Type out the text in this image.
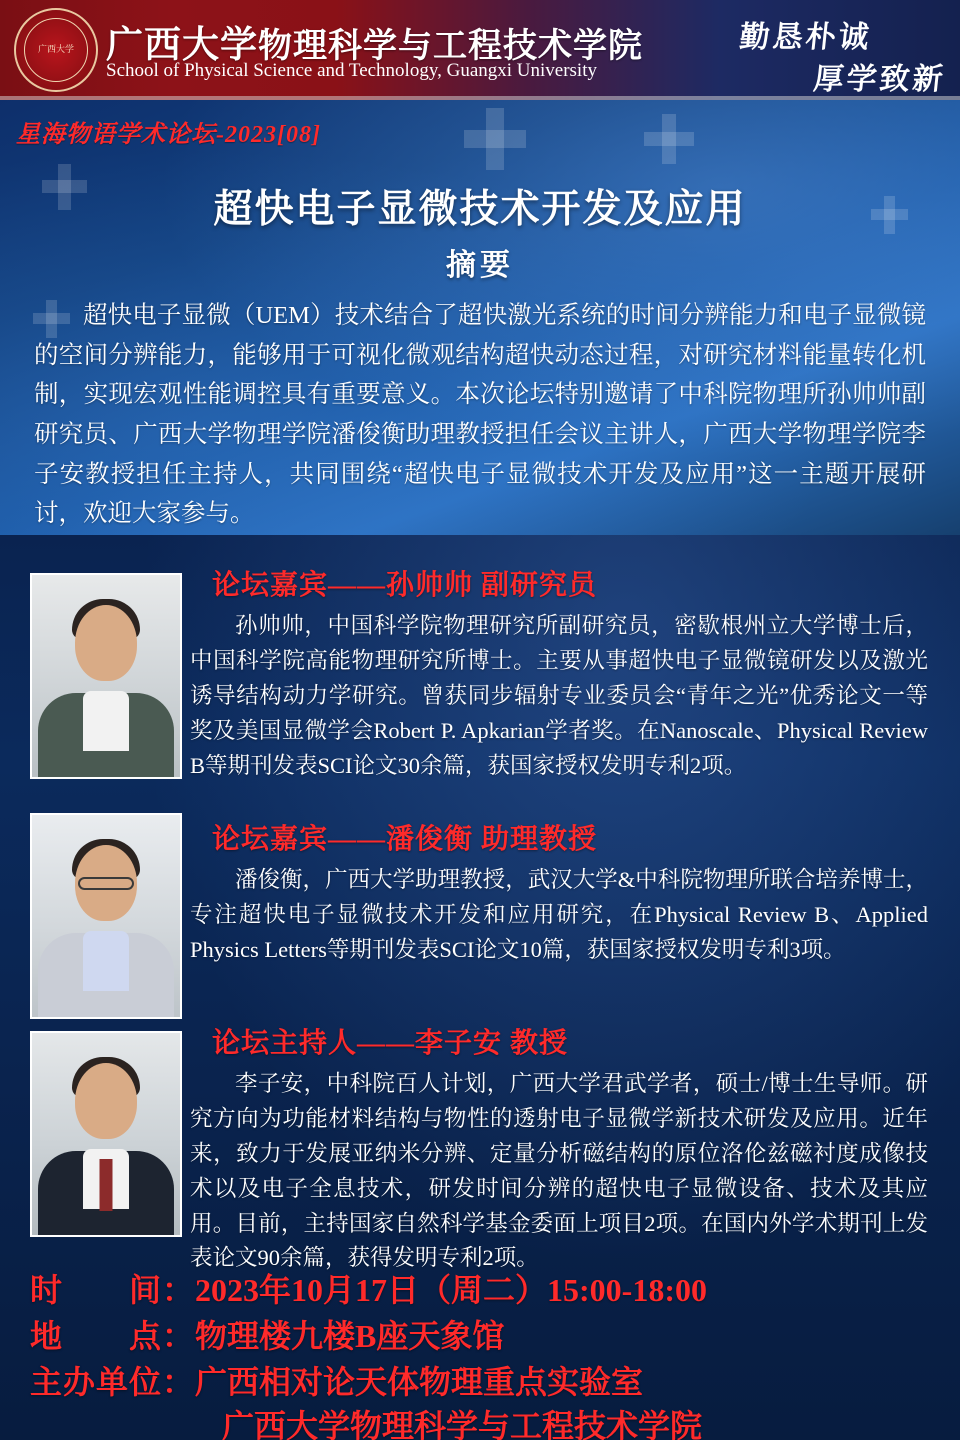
广西大学 广西大学物理科学与工程技术学院
School of Physical Science and Technology, Guangxi University
勤恳朴诚
厚学致新
星海物语学术论坛-2023[08]
超快电子显微技术开发及应用
摘要
超快电子显微（UEM）技术结合了超快激光系统的时间分辨能力和电子显微镜的空间分辨能力，能够用于可视化微观结构超快动态过程，对研究材料能量转化机制，实现宏观性能调控具有重要意义。本次论坛特别邀请了中科院物理所孙帅帅副研究员、广西大学物理学院潘俊衡助理教授担任会议主讲人，广西大学物理学院李子安教授担任主持人，共同围绕“超快电子显微技术开发及应用”这一主题开展研讨，欢迎大家参与。
论坛嘉宾——孙帅帅 副研究员
孙帅帅，中国科学院物理研究所副研究员，密歇根州立大学博士后，中国科学院高能物理研究所博士。主要从事超快电子显微镜研发以及激光诱导结构动力学研究。曾获同步辐射专业委员会“青年之光”优秀论文一等奖及美国显微学会Robert P. Apkarian学者奖。在Nanoscale、Physical Review B等期刊发表SCI论文30余篇，获国家授权发明专利2项。
论坛嘉宾——潘俊衡 助理教授
潘俊衡，广西大学助理教授，武汉大学&中科院物理所联合培养博士，专注超快电子显微技术开发和应用研究，在Physical Review B、Applied Physics Letters等期刊发表SCI论文10篇，获国家授权发明专利3项。
论坛主持人——李子安 教授
李子安，中科院百人计划，广西大学君武学者，硕士/博士生导师。研究方向为功能材料结构与物性的透射电子显微学新技术研发及应用。近年来，致力于发展亚纳米分辨、定量分析磁结构的原位洛伦兹磁衬度成像技术以及电子全息技术，研发时间分辨的超快电子显微设备、技术及其应用。目前，主持国家自然科学基金委面上项目2项。在国内外学术期刊上发表论文90余篇，获得发明专利2项。
时　　间：2023年10月17日（周二）15:00-18:00
地　　点：物理楼九楼B座天象馆
主办单位：广西相对论天体物理重点实验室
广西大学物理科学与工程技术学院
